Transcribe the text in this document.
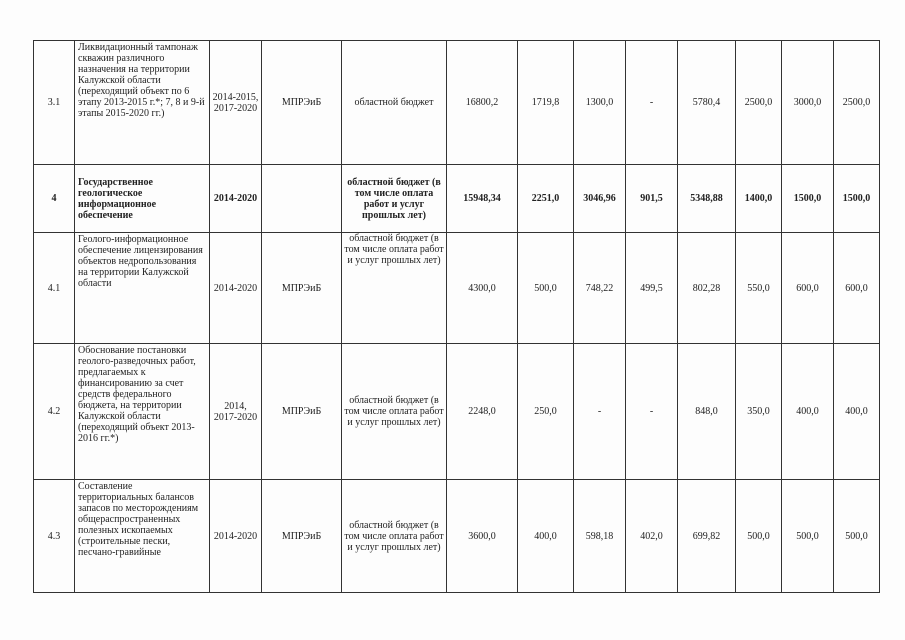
3.1	Ликвидационный тампонаж скважин различного назначения на территории Калужской области (переходящий объект по 6 этапу 2013-2015 г.*; 7, 8 и 9-й этапы 2015-2020 гг.)	2014-2015, 2017-2020	МПРЭиБ	областной бюджет	16800,2	1719,8	1300,0	-	5780,4	2500,0	3000,0	2500,0
4	Государственное геологическое информационное обеспечение	2014-2020		областной бюджет (в том числе оплата работ и услуг прошлых лет)	15948,34	2251,0	3046,96	901,5	5348,88	1400,0	1500,0	1500,0
4.1	Геолого-информационное обеспечение лицензирования объектов недропользования на территории Калужской области	2014-2020	МПРЭиБ	областной бюджет (в том числе оплата работ и услуг прошлых лет)	4300,0	500,0	748,22	499,5	802,28	550,0	600,0	600,0
4.2	Обоснование постановки геолого-разведочных работ, предлагаемых к финансированию за счет средств федерального бюджета, на территории Калужской области (переходящий объект 2013-2016 гг.*)	2014, 2017-2020	МПРЭиБ	областной бюджет (в том числе оплата работ и услуг прошлых лет)	2248,0	250,0	-	-	848,0	350,0	400,0	400,0
4.3	Составление территориальных балансов запасов по месторождениям общераспространенных полезных ископаемых (строительные пески, песчано-гравийные	2014-2020	МПРЭиБ	областной бюджет (в том числе оплата работ и услуг прошлых лет)	3600,0	400,0	598,18	402,0	699,82	500,0	500,0	500,0
